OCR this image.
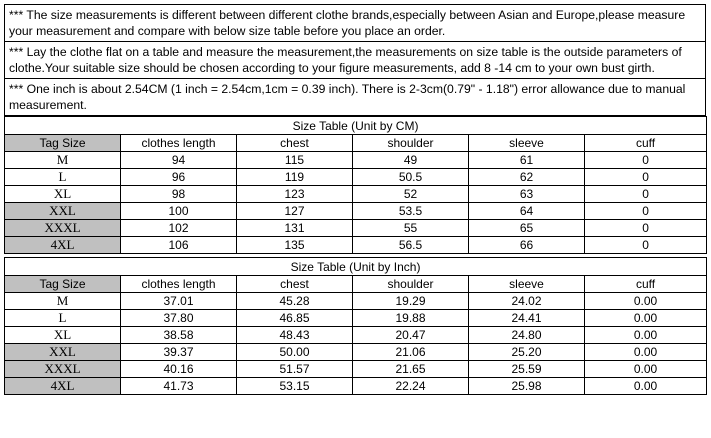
*** The size measurements is different between different clothe brands,especially between Asian and Europe,please measure your measurement and compare with below size table before you place an order.
*** Lay the clothe flat on a table and measure the measurement,the measurements on size table is the outside parameters of clothe.Your suitable size should be chosen according to your figure measurements, add 8 -14 cm to your own bust girth.
*** One inch is about 2.54CM (1 inch = 2.54cm,1cm = 0.39 inch). There is 2-3cm(0.79" - 1.18") error allowance due to manual measurement.
Size Table (Unit by CM)					
Tag Size	clothes length	chest	shoulder	sleeve	cuff
M	94	115	49	61	0
L	96	119	50.5	62	0
XL	98	123	52	63	0
XXL	100	127	53.5	64	0
XXXL	102	131	55	65	0
4XL	106	135	56.5	66	0
Size Table (Unit by Inch)					
Tag Size	clothes length	chest	shoulder	sleeve	cuff
M	37.01	45.28	19.29	24.02	0.00
L	37.80	46.85	19.88	24.41	0.00
XL	38.58	48.43	20.47	24.80	0.00
XXL	39.37	50.00	21.06	25.20	0.00
XXXL	40.16	51.57	21.65	25.59	0.00
4XL	41.73	53.15	22.24	25.98	0.00
